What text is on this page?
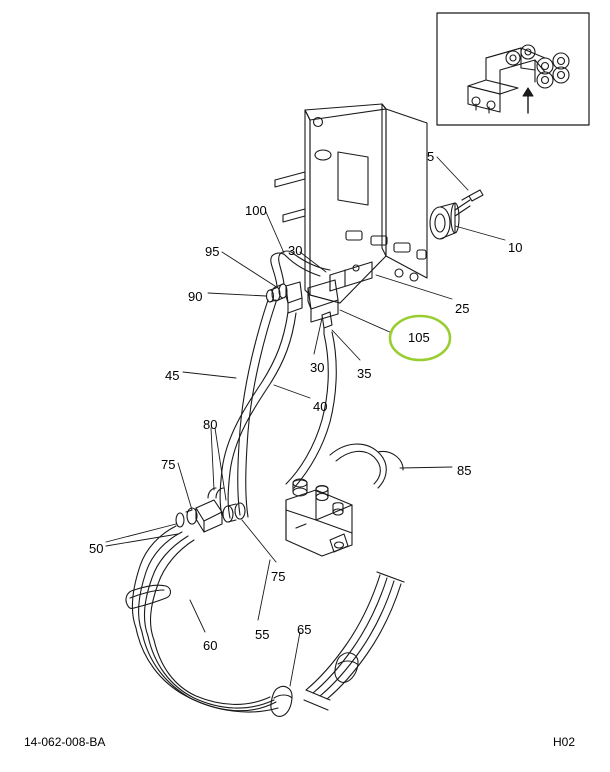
5
10
100
95	30
90
25
105
30	35
45
40
80
75	85
50
75
60
55 65
14-062-008-BA	H02
